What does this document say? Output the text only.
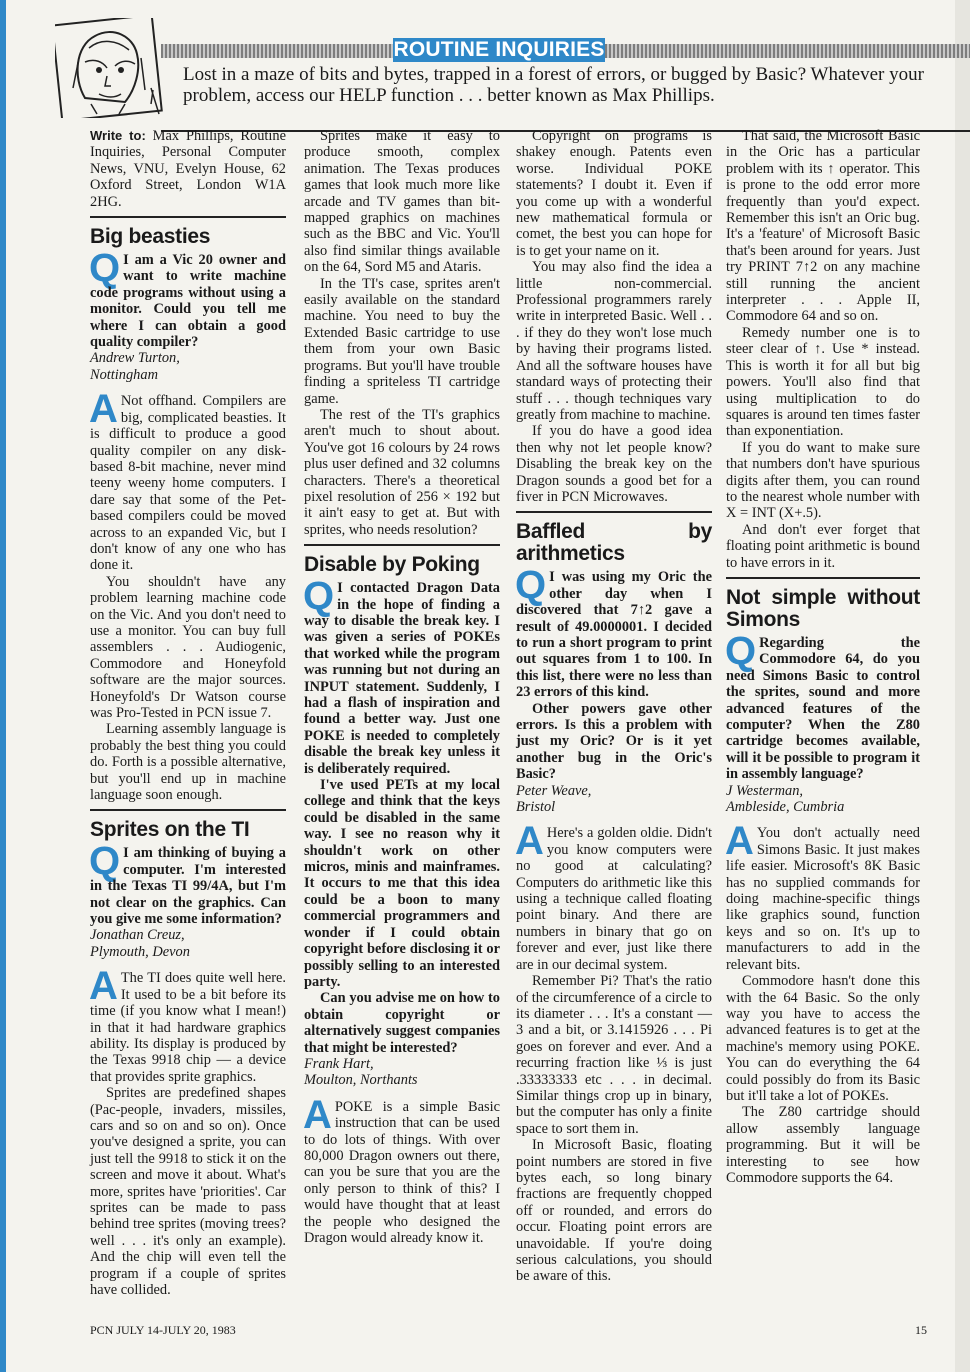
ROUTINE INQUIRIES
Lost in a maze of bits and bytes, trapped in a forest of errors, or bugged by Basic? Whatever your problem, access our HELP function . . . better known as Max Phillips.

Write to: Max Phillips, Routine Inquiries, Personal Computer News, VNU, Evelyn House, 62 Oxford Street, London W1A 2HG.

Big beasties

Q I am a Vic 20 owner and want to write machine code programs without using a monitor. Could you tell me where I can obtain a good quality compiler?

Andrew Turton,

Nottingham

A Not offhand. Compilers are big, complicated beasties. It is difficult to produce a good quality compiler on any disk-based 8-bit machine, never mind teeny weeny home computers. I dare say that some of the Pet-based compilers could be moved across to an expanded Vic, but I don't know of any one who has done it.

You shouldn't have any problem learning machine code on the Vic. And you don't need to use a monitor. You can buy full assemblers . . . Audiogenic, Commodore and Honeyfold software are the major sources. Honeyfold's Dr Watson course was Pro-Tested in PCN issue 7.

Learning assembly language is probably the best thing you could do. Forth is a possible alternative, but you'll end up in machine language soon enough.

Sprites on the TI

Q I am thinking of buying a computer. I'm interested in the Texas TI 99/4A, but I'm not clear on the graphics. Can you give me some information?

Jonathan Creuz,

Plymouth, Devon

A The TI does quite well here. It used to be a bit before its time (if you know what I mean!) in that it had hardware graphics ability. Its display is produced by the Texas 9918 chip — a device that provides sprite graphics.

Sprites are predefined shapes (Pac-people, invaders, missiles, cars and so on and so on). Once you've designed a sprite, you can just tell the 9918 to stick it on the screen and move it about. What's more, sprites have 'priorities'. Car sprites can be made to pass behind tree sprites (moving trees? well . . . it's only an example). And the chip will even tell the program if a couple of sprites have collided.

Sprites make it easy to produce smooth, complex animation. The Texas produces games that look much more like arcade and TV games than bit-mapped graphics on machines such as the BBC and Vic. You'll also find similar things available on the 64, Sord M5 and Ataris.

In the TI's case, sprites aren't easily available on the standard machine. You need to buy the Extended Basic cartridge to use them from your own Basic programs. But you'll have trouble finding a spriteless TI cartridge game.

The rest of the TI's graphics aren't much to shout about. You've got 16 colours by 24 rows plus user defined and 32 columns characters. There's a theoretical pixel resolution of 256 × 192 but it ain't easy to get at. But with sprites, who needs resolution?

Disable by Poking

Q I contacted Dragon Data in the hope of finding a way to disable the break key. I was given a series of POKEs that worked while the program was running but not during an INPUT statement. Suddenly, I had a flash of inspiration and found a better way. Just one POKE is needed to completely disable the break key unless it is deliberately required.

I've used PETs at my local college and think that the keys could be disabled in the same way. I see no reason why it shouldn't work on other micros, minis and mainframes. It occurs to me that this idea could be a boon to many commercial programmers and wonder if I could obtain copyright before disclosing it or possibly selling to an interested party.

Can you advise me on how to obtain copyright or alternatively suggest companies that might be interested?

Frank Hart,

Moulton, Northants

APOKE is a simple Basic instruction that can be used to do lots of things. With over 80,000 Dragon owners out there, can you be sure that you are the only person to think of this? I would have thought that at least the people who designed the Dragon would already know it.

Copyright on programs is shakey enough. Patents even worse. Individual POKE statements? I doubt it. Even if you come up with a wonderful new mathematical formula or comet, the best you can hope for is to get your name on it.

You may also find the idea a little non-commercial. Professional programmers rarely write in interpreted Basic. Well . . . if they do they won't lose much by having their programs listed. And all the software houses have standard ways of protecting their stuff . . . though techniques vary greatly from machine to machine.

If you do have a good idea then why not let people know? Disabling the break key on the Dragon sounds a good bet for a fiver in PCN Microwaves.

Baffled by arithmetics

Q I was using my Oric the other day when I discovered that 7↑2 gave a result of 49.0000001. I decided to run a short program to print out squares from 1 to 100. In this list, there were no less than 23 errors of this kind.

Other powers gave other errors. Is this a problem with just my Oric? Or is it yet another bug in the Oric's Basic?

Peter Weave,

Bristol

A Here's a golden oldie. Didn't you know computers were no good at calculating? Computers do arithmetic like this using a technique called floating point binary. And there are numbers in binary that go on forever and ever, just like there are in our decimal system.

Remember Pi? That's the ratio of the circumference of a circle to its diameter . . . It's a constant — 3 and a bit, or 3.1415926 . . . Pi goes on forever and ever. And a recurring fraction like ⅓ is just .33333333 etc . . . in decimal. Similar things crop up in binary, but the computer has only a finite space to sort them in.

In Microsoft Basic, floating point numbers are stored in five bytes each, so long binary fractions are frequently chopped off or rounded, and errors do occur. Floating point errors are unavoidable. If you're doing serious calculations, you should be aware of this.

That said, the Microsoft Basic in the Oric has a particular problem with its ↑ operator. This is prone to the odd error more frequently than you'd expect. Remember this isn't an Oric bug. It's a 'feature' of Microsoft Basic that's been around for years. Just try PRINT 7↑2 on any machine still running the ancient interpreter . . . Apple II, Commodore 64 and so on.

Remedy number one is to steer clear of ↑. Use * instead. This is worth it for all but big powers. You'll also find that using multiplication to do squares is around ten times faster than exponentiation.

If you do want to make sure that numbers don't have spurious digits after them, you can round to the nearest whole number with X = INT (X+.5).

And don't ever forget that floating point arithmetic is bound to have errors in it.

Not simple without Simons

Q Regarding the Commodore 64, do you need Simons Basic to control the sprites, sound and more advanced features of the computer? When the Z80 cartridge becomes available, will it be possible to program it in assembly language?

J Westerman,

Ambleside, Cumbria

A You don't actually need Simons Basic. It just makes life easier. Microsoft's 8K Basic has no supplied commands for doing machine-specific things like graphics sound, function keys and so on. It's up to manufacturers to add in the relevant bits.

Commodore hasn't done this with the 64 Basic. So the only way you have to access the advanced features is to get at the machine's memory using POKE. You can do everything the 64 could possibly do from its Basic but it'll take a lot of POKEs.

The Z80 cartridge should allow assembly language programming. But it will be interesting to see how Commodore supports the 64.

PCN JULY 14-JULY 20, 1983	15
